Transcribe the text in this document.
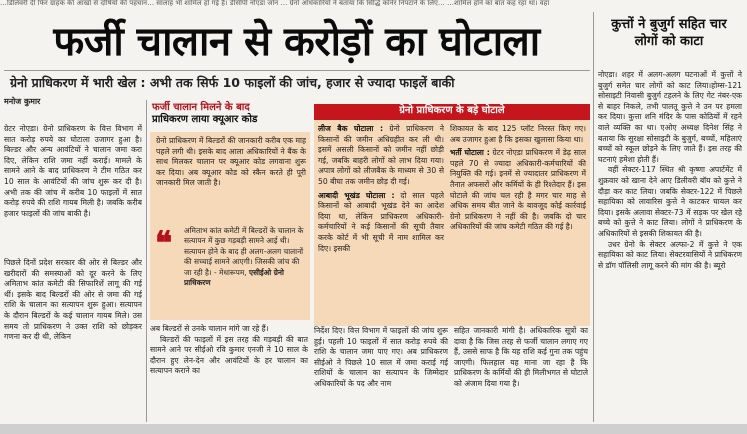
…डिलिवरी दी फिर ग्राहक की आंखों से दोषियों की पहचान… सालाह भी शामिल हो गई हैं। डीसीपी नोएडा जोन … ग्रेनो अधिकारियों ने बताया कि सिद्धि कॉर्नर निपटाने के लिए… …शामिल होने का बात कह रहा था। वहा
फर्जी चालान से करोड़ों का घोटाला
ग्रेनो प्राधिकरण में भारी खेल : अभी तक सिर्फ 10 फाइलों की जांच, हजार से ज्यादा फाइलें बाकी
मनोज कुमार

ग्रेटर नोएडा। ग्रेनो प्राधिकरण के वित्त विभाग में सात करोड़ रुपये का घोटाला उजागर हुआ है। बिल्डर और अन्य आवंटियों ने चालान जमा करा दिए, लेकिन राशि जमा नहीं कराई। मामले के सामने आने के बाद प्राधिकरण ने टीम गठित कर 10 साल के आवंटियों की जांच शुरू कर दी है। अभी तक की जांच में करीब 10 फाइलों में सात करोड़ रुपये की राशि गायब मिली है। जबकि करीब हजार फाइलों की जांच बाकी है।

पिछले दिनों प्रदेश सरकार की ओर से बिल्डर और खरीदारों की समस्याओं को दूर करने के लिए अमिताभ कांत कमेटी की सिफारिशें लागू की गई थीं। इसके बाद बिल्डरों की ओर से जमा की गई राशि के चालान का सत्यापन शुरू हुआ। सत्यापन के दौरान बिल्डरों के कई चालान गायब मिले। उस समय तो प्राधिकरण ने उक्त राशि को छोड़कर गणना कर दी थी, लेकिन

फर्जी चालान मिलने के बाद
प्राधिकरण लाया क्यूआर कोड

ग्रेनो प्राधिकरण में बिल्डरों की जानकारी करीब एक माह पहले लगी थी। इसके बाद आला अधिकारियों ने बैंक के साथ मिलकर चालान पर क्यूआर कोड लगवाना शुरू कर दिया। अब क्यूआर कोड को स्कैन करते ही पूरी जानकारी मिल जाती है।

❝ अमिताभ कांत कमेटी में बिल्डरों के चालान के सत्यापन में कुछ गड़बड़ी सामने आई थी। सत्यापन होने के बाद ही अलग-अलग चालानों की सच्चाई सामने आएगी। जिसकी जांच की जा रही है। - मेधारूपम, एसीईओ ग्रेनो प्राधिकरण

अब बिल्डरों से उनके चालान मांगे जा रहे हैं।

बिल्डरों की फाइलों में इस तरह की गड़बड़ी की बात सामने आने पर सीईओ रवि कुमार एनजी ने 10 साल के दौरान हुए लेन-देन और आवंटियों के हर चालान का सत्यापन कराने का

ग्रेनो प्राधिकरण के बड़े घोटाले

लीज बैक घोटाला : ग्रेनो प्राधिकरण ने किसानों की जमीन अधिग्रहीत कर ली थी। इसमें असली किसानों को जमीन नहीं छोड़ी गई, जबकि बाहरी लोगों को लाभ दिया गया। अपात्र लोगों को लीजबैक के माध्यम से 30 से 50 बीघा तक जमीन छोड़ दी गई।

आबादी भूखंड घोटाला : दो साल पहले किसानों को आबादी भूखंड देने का आदेश दिया था, लेकिन प्राधिकरण अधिकारी-कर्मचारियों ने कई किसानों की सूची तैयार करके कोर्ट में भी सूची में नाम शामिल कर दिए। इसकी

शिकायत के बाद 125 प्लॉट निरस्त किए गए। अब उजागर हुआ है कि इसका खुलासा किया था।

भर्ती घोटाला : ग्रेटर नोएडा प्राधिकरण में डेढ़ साल पहले 70 से ज्यादा अधिकारी-कर्मचारियों की नियुक्ति की गई। इनमें से ज्यादातर प्राधिकरण में तैनात अफसरों और कर्मियों के ही रिश्तेदार हैं। इस घोटाले की जांच चल रही है मगर चार माह से अधिक समय बीत जाने के बावजूद कोई कार्रवाई ग्रेनो प्राधिकरण ने नहीं की है। जबकि दो चार अधिकारियों की जांच कमेटी गठित की गई है।

निर्देश दिए। वित्त विभाग में फाइलों की जांच शुरू हुई। पहली 10 फाइलों में सात करोड़ रुपये की राशि के चालान जमा पाए गए। अब प्राधिकरण सीईओ ने पिछले 10 साल में जमा कराई गई राशियों के चालान का सत्यापन के जिम्मेदार अधिकारियों के पद और नाम

सहित जानकारी मांगी है। अधिकारिक सूत्रों का दावा है कि जिस तरह से फर्जी चालान लगाए गए हैं, उससे साफ है कि यह राशि कई गुना तक पहुंच जाएगी। फिलहाल यह माना जा रहा है कि प्राधिकरण के कर्मियों की ही मिलीभगत से घोटाले को अंजाम दिया गया है।

कुत्तों ने बुजुर्ग सहित चार लोगों को काटा

नोएडा। शहर में अलग-अलग घटनाओं में कुत्तों ने बुजुर्ग समेत चार लोगों को काट लिया।होम्स-121 सोसाइटी निवासी बुजुर्ग टहलने के लिए गेट नंबर-एक से बाहर निकले, तभी पालतू कुत्ते ने उन पर हमला कर दिया। कुत्ता शनि मंदिर के पास कोठियों में रहने वाले व्यक्ति का था। एओए अध्यक्ष दिनेश सिंह ने बताया कि सुरक्षा सोसाइटी के बुजुर्ग, बच्चों, महिलाएं बच्चों को स्कूल छोड़ने के लिए जाते हैं। इस तरह की घटनाएं हमेशा होती हैं।

वहीं सेक्टर-117 स्थित श्री कृष्णा अपार्टमेंट में शुक्रवार को खाना देने आए डिलीवरी बॉय को कुत्ते ने दौड़ा कर काट लिया। जबकि सेक्टर-122 में पिछले सहायिका को लावारिस कुत्ते ने काटकर घायल कर दिया। इसके अलावा सेक्टर-73 में सड़क पर खेल रहे बच्चे को कुत्ते ने काट लिया। लोगों ने प्राधिकरण के अधिकारियों से इसकी शिकायत की है।

उधर ग्रेनो के सेक्टर अल्फा-2 में कुत्ते ने एक सहायिका को काट लिया। सेक्टरवासियों ने प्राधिकरण से डॉग पॉलिसी लागू करने की मांग की है। ब्यूरो
